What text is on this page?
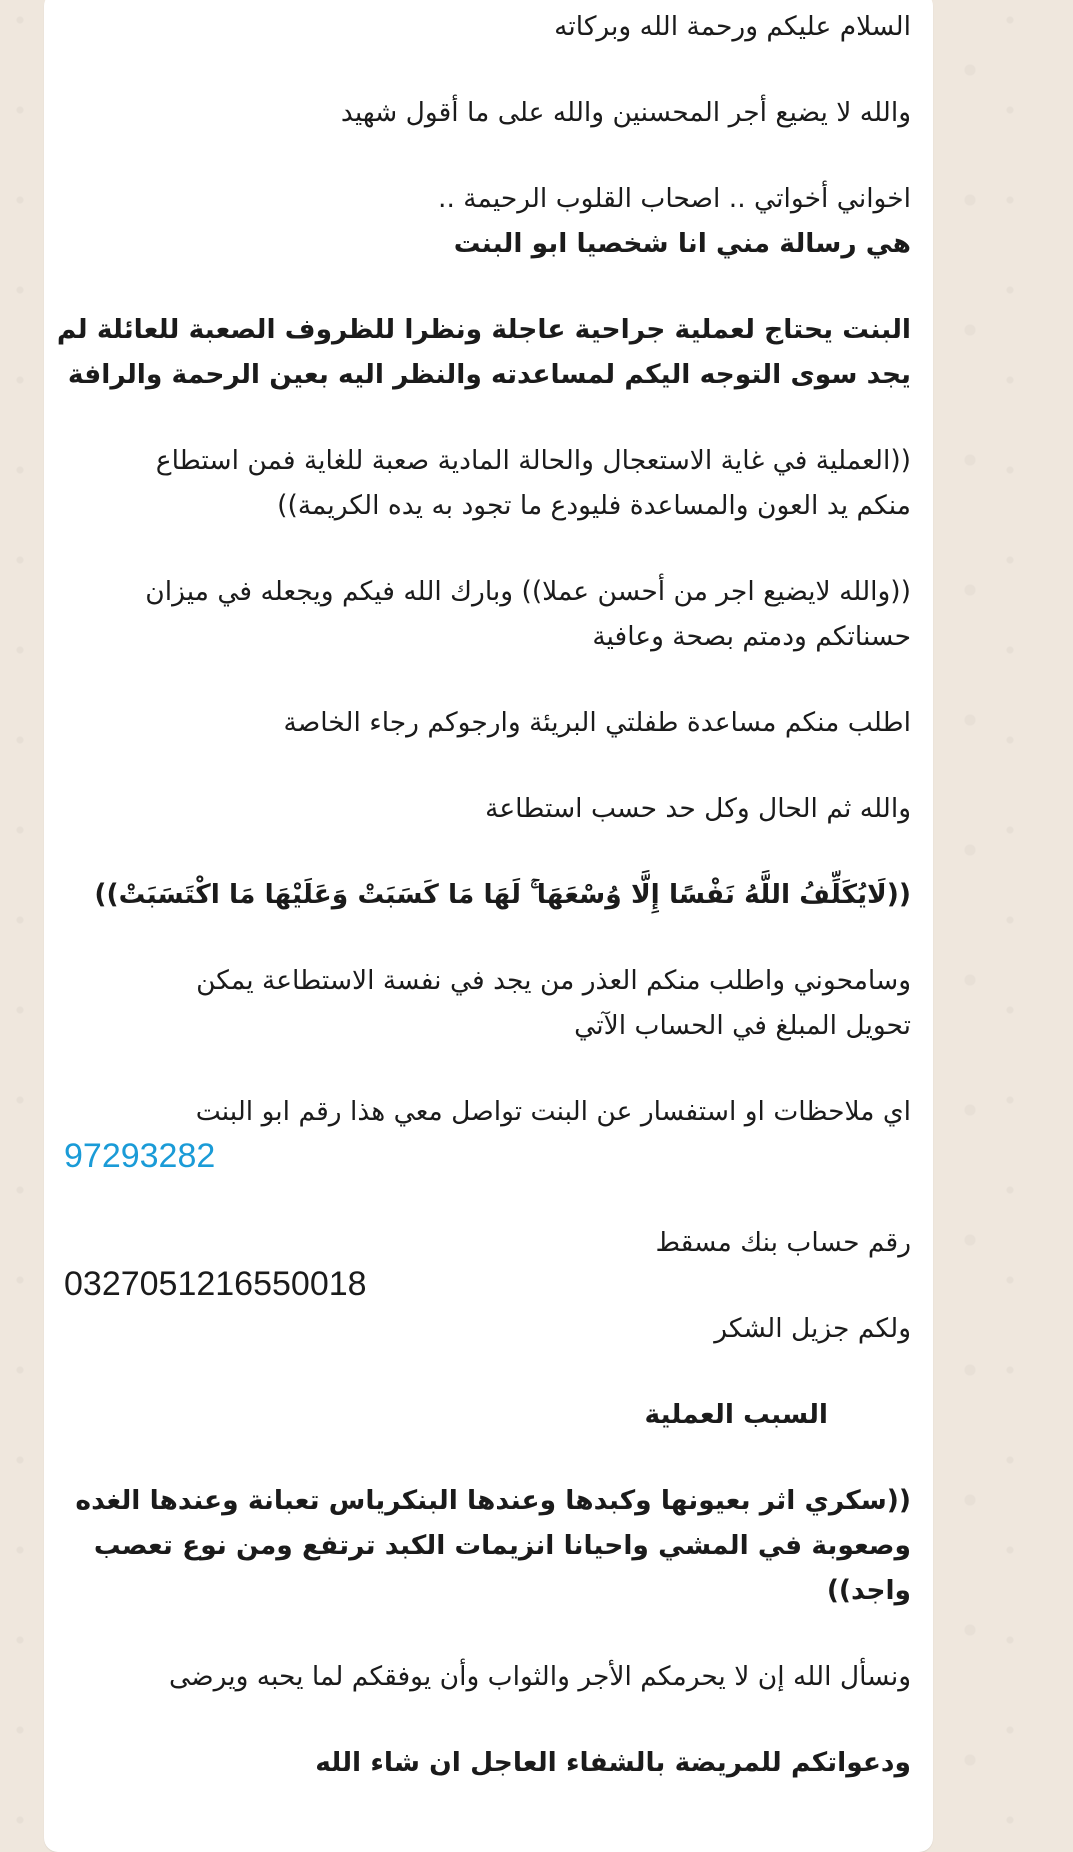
السلام عليكم ورحمة الله وبركاته
والله لا يضيع أجر المحسنين والله على ما أقول شهيد
اخواني أخواتي .. اصحاب القلوب الرحيمة ..
هي رسالة مني انا شخصيا ابو البنت
البنت يحتاج لعملية جراحية عاجلة ونظرا للظروف الصعبة للعائلة لم
يجد سوى التوجه اليكم لمساعدته والنظر اليه بعين الرحمة والرافة
((العملية في غاية الاستعجال والحالة المادية صعبة للغاية فمن استطاع
منكم يد العون والمساعدة فليودع ما تجود به يده الكريمة))
((والله لايضيع اجر من أحسن عملا)) وبارك الله فيكم ويجعله في ميزان
حسناتكم ودمتم بصحة وعافية
اطلب منكم مساعدة طفلتي البريئة وارجوكم رجاء الخاصة
والله ثم الحال وكل حد حسب استطاعة
((لَايُكَلِّفُ اللَّهُ نَفْسًا إِلَّا وُسْعَهَا ۚ لَهَا مَا كَسَبَتْ وَعَلَيْهَا مَا اكْتَسَبَتْ))
وسامحوني واطلب منكم العذر من يجد في نفسة الاستطاعة يمكن
تحويل المبلغ في الحساب الآتي
اي ملاحظات او استفسار عن البنت تواصل معي هذا رقم ابو البنت
97293282
رقم حساب بنك مسقط
0327051216550018
ولكم جزيل الشكر
السبب العملية
((سكري اثر بعيونها وكبدها وعندها البنكرياس تعبانة وعندها الغده
وصعوبة في المشي واحيانا انزيمات الكبد ترتفع ومن نوع تعصب
واجد))
ونسأل الله إن لا يحرمكم الأجر والثواب وأن يوفقكم لما يحبه ويرضى
ودعواتكم للمريضة بالشفاء العاجل ان شاء الله
